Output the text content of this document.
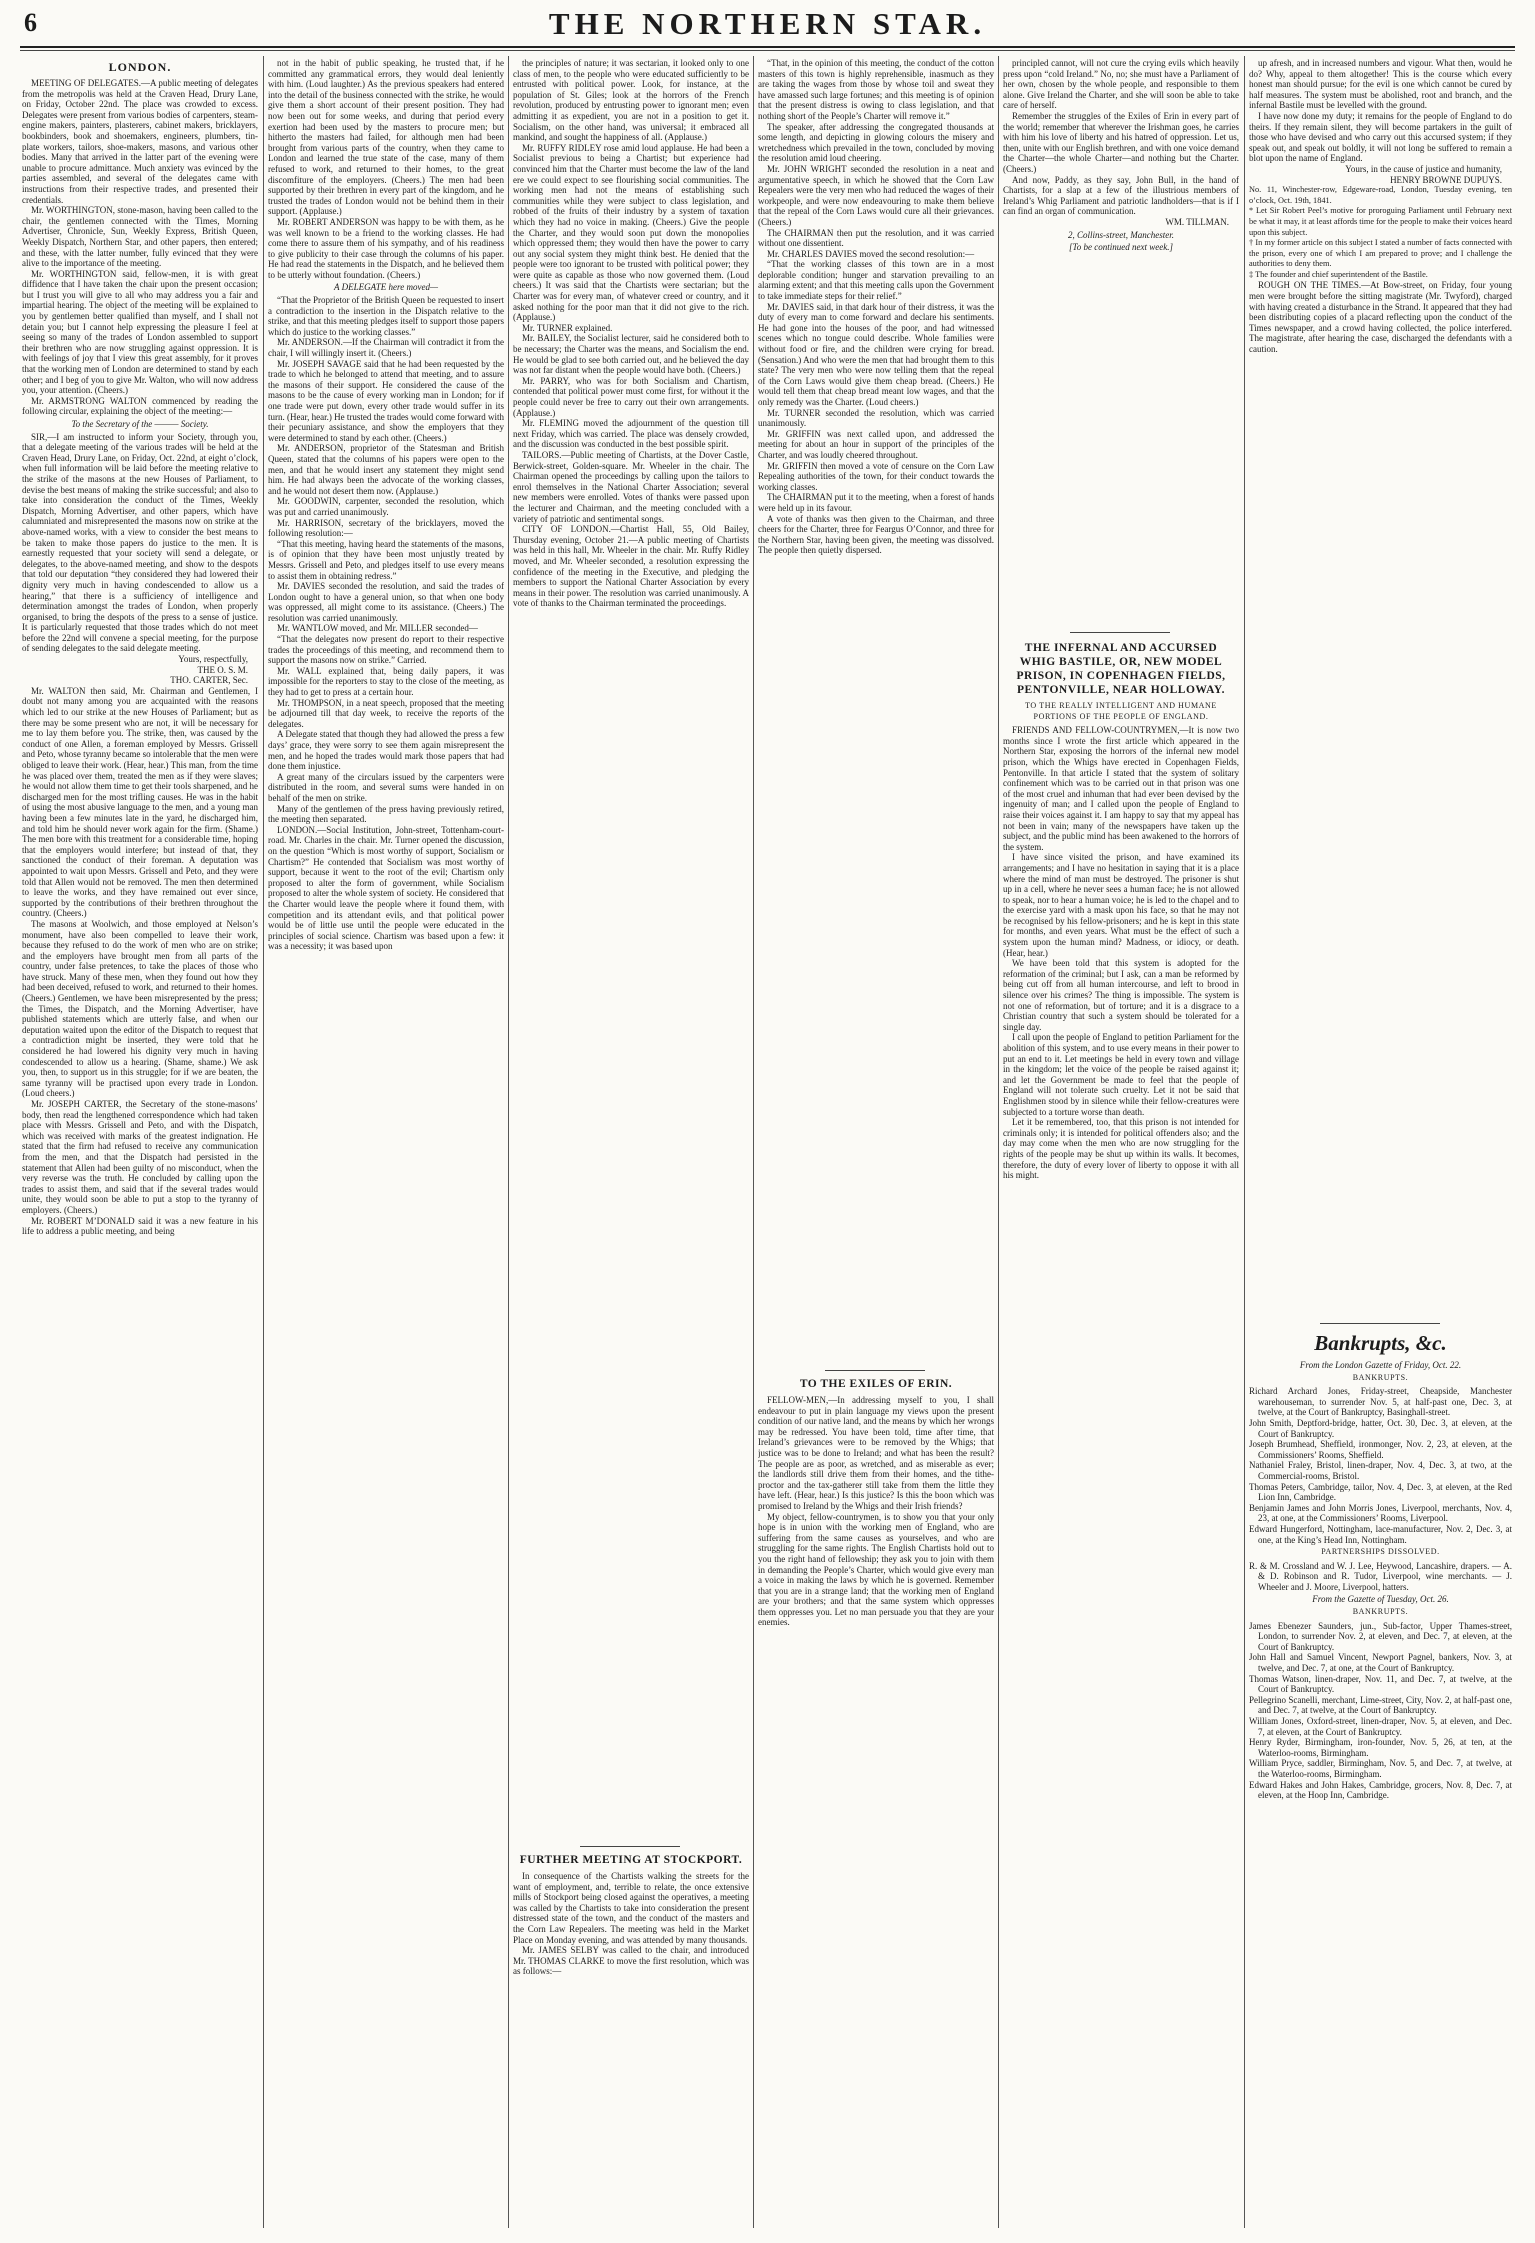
6	THE NORTHERN STAR.

LONDON.

MEETING OF DELEGATES.—A public meeting of delegates from the metropolis was held at the Craven Head, Drury Lane, on Friday, October 22nd. The place was crowded to excess. Delegates were present from various bodies of carpenters, steam-engine makers, painters, plasterers, cabinet makers, bricklayers, bookbinders, book and shoemakers, engineers, plumbers, tin-plate workers, tailors, shoe-makers, masons, and various other bodies. Many that arrived in the latter part of the evening were unable to procure admittance. Much anxiety was evinced by the parties assembled, and several of the delegates came with instructions from their respective trades, and presented their credentials.

Mr. WORTHINGTON, stone-mason, having been called to the chair, the gentlemen connected with the Times, Morning Advertiser, Chronicle, Sun, Weekly Express, British Queen, Weekly Dispatch, Northern Star, and other papers, then entered; and these, with the latter number, fully evinced that they were alive to the importance of the meeting.

Mr. WORTHINGTON said, fellow-men, it is with great diffidence that I have taken the chair upon the present occasion; but I trust you will give to all who may address you a fair and impartial hearing. The object of the meeting will be explained to you by gentlemen better qualified than myself, and I shall not detain you; but I cannot help expressing the pleasure I feel at seeing so many of the trades of London assembled to support their brethren who are now struggling against oppression. It is with feelings of joy that I view this great assembly, for it proves that the working men of London are determined to stand by each other; and I beg of you to give Mr. Walton, who will now address you, your attention. (Cheers.)

Mr. ARMSTRONG WALTON commenced by reading the following circular, explaining the object of the meeting:—

To the Secretary of the ——— Society.

SIR,—I am instructed to inform your Society, through you, that a delegate meeting of the various trades will be held at the Craven Head, Drury Lane, on Friday, Oct. 22nd, at eight o’clock, when full information will be laid before the meeting relative to the strike of the masons at the new Houses of Parliament, to devise the best means of making the strike successful; and also to take into consideration the conduct of the Times, Weekly Dispatch, Morning Advertiser, and other papers, which have calumniated and misrepresented the masons now on strike at the above-named works, with a view to consider the best means to be taken to make those papers do justice to the men. It is earnestly requested that your society will send a delegate, or delegates, to the above-named meeting, and show to the despots that told our deputation “they considered they had lowered their dignity very much in having condescended to allow us a hearing,” that there is a sufficiency of intelligence and determination amongst the trades of London, when properly organised, to bring the despots of the press to a sense of justice. It is particularly requested that those trades which do not meet before the 22nd will convene a special meeting, for the purpose of sending delegates to the said delegate meeting.

Yours, respectfully,

THE O. S. M.

THO. CARTER, Sec.

Mr. WALTON then said, Mr. Chairman and Gentlemen, I doubt not many among you are acquainted with the reasons which led to our strike at the new Houses of Parliament; but as there may be some present who are not, it will be necessary for me to lay them before you. The strike, then, was caused by the conduct of one Allen, a foreman employed by Messrs. Grissell and Peto, whose tyranny became so intolerable that the men were obliged to leave their work. (Hear, hear.) This man, from the time he was placed over them, treated the men as if they were slaves; he would not allow them time to get their tools sharpened, and he discharged men for the most trifling causes. He was in the habit of using the most abusive language to the men, and a young man having been a few minutes late in the yard, he discharged him, and told him he should never work again for the firm. (Shame.) The men bore with this treatment for a considerable time, hoping that the employers would interfere; but instead of that, they sanctioned the conduct of their foreman. A deputation was appointed to wait upon Messrs. Grissell and Peto, and they were told that Allen would not be removed. The men then determined to leave the works, and they have remained out ever since, supported by the contributions of their brethren throughout the country. (Cheers.)

The masons at Woolwich, and those employed at Nelson’s monument, have also been compelled to leave their work, because they refused to do the work of men who are on strike; and the employers have brought men from all parts of the country, under false pretences, to take the places of those who have struck. Many of these men, when they found out how they had been deceived, refused to work, and returned to their homes. (Cheers.) Gentlemen, we have been misrepresented by the press; the Times, the Dispatch, and the Morning Advertiser, have published statements which are utterly false, and when our deputation waited upon the editor of the Dispatch to request that a contradiction might be inserted, they were told that he considered he had lowered his dignity very much in having condescended to allow us a hearing. (Shame, shame.) We ask you, then, to support us in this struggle; for if we are beaten, the same tyranny will be practised upon every trade in London. (Loud cheers.)

Mr. JOSEPH CARTER, the Secretary of the stone-masons’ body, then read the lengthened correspondence which had taken place with Messrs. Grissell and Peto, and with the Dispatch, which was received with marks of the greatest indignation. He stated that the firm had refused to receive any communication from the men, and that the Dispatch had persisted in the statement that Allen had been guilty of no misconduct, when the very reverse was the truth. He concluded by calling upon the trades to assist them, and said that if the several trades would unite, they would soon be able to put a stop to the tyranny of employers. (Cheers.)

Mr. ROBERT M’DONALD said it was a new feature in his life to address a public meeting, and being

not in the habit of public speaking, he trusted that, if he committed any grammatical errors, they would deal leniently with him. (Loud laughter.) As the previous speakers had entered into the detail of the business connected with the strike, he would give them a short account of their present position. They had now been out for some weeks, and during that period every exertion had been used by the masters to procure men; but hitherto the masters had failed, for although men had been brought from various parts of the country, when they came to London and learned the true state of the case, many of them refused to work, and returned to their homes, to the great discomfiture of the employers. (Cheers.) The men had been supported by their brethren in every part of the kingdom, and he trusted the trades of London would not be behind them in their support. (Applause.)

Mr. ROBERT ANDERSON was happy to be with them, as he was well known to be a friend to the working classes. He had come there to assure them of his sympathy, and of his readiness to give publicity to their case through the columns of his paper. He had read the statements in the Dispatch, and he believed them to be utterly without foundation. (Cheers.)

A DELEGATE here moved—

“That the Proprietor of the British Queen be requested to insert a contradiction to the insertion in the Dispatch relative to the strike, and that this meeting pledges itself to support those papers which do justice to the working classes.”

Mr. ANDERSON.—If the Chairman will contradict it from the chair, I will willingly insert it. (Cheers.)

Mr. JOSEPH SAVAGE said that he had been requested by the trade to which he belonged to attend that meeting, and to assure the masons of their support. He considered the cause of the masons to be the cause of every working man in London; for if one trade were put down, every other trade would suffer in its turn. (Hear, hear.) He trusted the trades would come forward with their pecuniary assistance, and show the employers that they were determined to stand by each other. (Cheers.)

Mr. ANDERSON, proprietor of the Statesman and British Queen, stated that the columns of his papers were open to the men, and that he would insert any statement they might send him. He had always been the advocate of the working classes, and he would not desert them now. (Applause.)

Mr. GOODWIN, carpenter, seconded the resolution, which was put and carried unanimously.

Mr. HARRISON, secretary of the bricklayers, moved the following resolution:—

“That this meeting, having heard the statements of the masons, is of opinion that they have been most unjustly treated by Messrs. Grissell and Peto, and pledges itself to use every means to assist them in obtaining redress.”

Mr. DAVIES seconded the resolution, and said the trades of London ought to have a general union, so that when one body was oppressed, all might come to its assistance. (Cheers.) The resolution was carried unanimously.

Mr. WANTLOW moved, and Mr. MILLER seconded—

“That the delegates now present do report to their respective trades the proceedings of this meeting, and recommend them to support the masons now on strike.” Carried.

Mr. WALL explained that, being daily papers, it was impossible for the reporters to stay to the close of the meeting, as they had to get to press at a certain hour.

Mr. THOMPSON, in a neat speech, proposed that the meeting be adjourned till that day week, to receive the reports of the delegates.

A Delegate stated that though they had allowed the press a few days’ grace, they were sorry to see them again misrepresent the men, and he hoped the trades would mark those papers that had done them injustice.

A great many of the circulars issued by the carpenters were distributed in the room, and several sums were handed in on behalf of the men on strike.

Many of the gentlemen of the press having previously retired, the meeting then separated.

LONDON.—Social Institution, John-street, Tottenham-court-road. Mr. Charles in the chair. Mr. Turner opened the discussion, on the question “Which is most worthy of support, Socialism or Chartism?” He contended that Socialism was most worthy of support, because it went to the root of the evil; Chartism only proposed to alter the form of government, while Socialism proposed to alter the whole system of society. He considered that the Charter would leave the people where it found them, with competition and its attendant evils, and that political power would be of little use until the people were educated in the principles of social science. Chartism was based upon a few: it was a necessity; it was based upon

the principles of nature; it was sectarian, it looked only to one class of men, to the people who were educated sufficiently to be entrusted with political power. Look, for instance, at the population of St. Giles; look at the horrors of the French revolution, produced by entrusting power to ignorant men; even admitting it as expedient, you are not in a position to get it. Socialism, on the other hand, was universal; it embraced all mankind, and sought the happiness of all. (Applause.)

Mr. RUFFY RIDLEY rose amid loud applause. He had been a Socialist previous to being a Chartist; but experience had convinced him that the Charter must become the law of the land ere we could expect to see flourishing social communities. The working men had not the means of establishing such communities while they were subject to class legislation, and robbed of the fruits of their industry by a system of taxation which they had no voice in making. (Cheers.) Give the people the Charter, and they would soon put down the monopolies which oppressed them; they would then have the power to carry out any social system they might think best. He denied that the people were too ignorant to be trusted with political power; they were quite as capable as those who now governed them. (Loud cheers.) It was said that the Chartists were sectarian; but the Charter was for every man, of whatever creed or country, and it asked nothing for the poor man that it did not give to the rich. (Applause.)

Mr. TURNER explained.

Mr. BAILEY, the Socialist lecturer, said he considered both to be necessary; the Charter was the means, and Socialism the end. He would be glad to see both carried out, and he believed the day was not far distant when the people would have both. (Cheers.)

Mr. PARRY, who was for both Socialism and Chartism, contended that political power must come first, for without it the people could never be free to carry out their own arrangements. (Applause.)

Mr. FLEMING moved the adjournment of the question till next Friday, which was carried. The place was densely crowded, and the discussion was conducted in the best possible spirit.

TAILORS.—Public meeting of Chartists, at the Dover Castle, Berwick-street, Golden-square. Mr. Wheeler in the chair. The Chairman opened the proceedings by calling upon the tailors to enrol themselves in the National Charter Association; several new members were enrolled. Votes of thanks were passed upon the lecturer and Chairman, and the meeting concluded with a variety of patriotic and sentimental songs.

CITY OF LONDON.—Chartist Hall, 55, Old Bailey, Thursday evening, October 21.—A public meeting of Chartists was held in this hall, Mr. Wheeler in the chair. Mr. Ruffy Ridley moved, and Mr. Wheeler seconded, a resolution expressing the confidence of the meeting in the Executive, and pledging the members to support the National Charter Association by every means in their power. The resolution was carried unanimously. A vote of thanks to the Chairman terminated the proceedings.

FURTHER MEETING AT STOCKPORT.

In consequence of the Chartists walking the streets for the want of employment, and, terrible to relate, the once extensive mills of Stockport being closed against the operatives, a meeting was called by the Chartists to take into consideration the present distressed state of the town, and the conduct of the masters and the Corn Law Repealers. The meeting was held in the Market Place on Monday evening, and was attended by many thousands.

Mr. JAMES SELBY was called to the chair, and introduced Mr. THOMAS CLARKE to move the first resolution, which was as follows:—

“That, in the opinion of this meeting, the conduct of the cotton masters of this town is highly reprehensible, inasmuch as they are taking the wages from those by whose toil and sweat they have amassed such large fortunes; and this meeting is of opinion that the present distress is owing to class legislation, and that nothing short of the People’s Charter will remove it.”

The speaker, after addressing the congregated thousands at some length, and depicting in glowing colours the misery and wretchedness which prevailed in the town, concluded by moving the resolution amid loud cheering.

Mr. JOHN WRIGHT seconded the resolution in a neat and argumentative speech, in which he showed that the Corn Law Repealers were the very men who had reduced the wages of their workpeople, and were now endeavouring to make them believe that the repeal of the Corn Laws would cure all their grievances. (Cheers.)

The CHAIRMAN then put the resolution, and it was carried without one dissentient.

Mr. CHARLES DAVIES moved the second resolution:—

“That the working classes of this town are in a most deplorable condition; hunger and starvation prevailing to an alarming extent; and that this meeting calls upon the Government to take immediate steps for their relief.”

Mr. DAVIES said, in that dark hour of their distress, it was the duty of every man to come forward and declare his sentiments. He had gone into the houses of the poor, and had witnessed scenes which no tongue could describe. Whole families were without food or fire, and the children were crying for bread. (Sensation.) And who were the men that had brought them to this state? The very men who were now telling them that the repeal of the Corn Laws would give them cheap bread. (Cheers.) He would tell them that cheap bread meant low wages, and that the only remedy was the Charter. (Loud cheers.)

Mr. TURNER seconded the resolution, which was carried unanimously.

Mr. GRIFFIN was next called upon, and addressed the meeting for about an hour in support of the principles of the Charter, and was loudly cheered throughout.

Mr. GRIFFIN then moved a vote of censure on the Corn Law Repealing authorities of the town, for their conduct towards the working classes.

The CHAIRMAN put it to the meeting, when a forest of hands were held up in its favour.

A vote of thanks was then given to the Chairman, and three cheers for the Charter, three for Feargus O’Connor, and three for the Northern Star, having been given, the meeting was dissolved. The people then quietly dispersed.

TO THE EXILES OF ERIN.

FELLOW-MEN,—In addressing myself to you, I shall endeavour to put in plain language my views upon the present condition of our native land, and the means by which her wrongs may be redressed. You have been told, time after time, that Ireland’s grievances were to be removed by the Whigs; that justice was to be done to Ireland; and what has been the result? The people are as poor, as wretched, and as miserable as ever; the landlords still drive them from their homes, and the tithe-proctor and the tax-gatherer still take from them the little they have left. (Hear, hear.) Is this justice? Is this the boon which was promised to Ireland by the Whigs and their Irish friends?

My object, fellow-countrymen, is to show you that your only hope is in union with the working men of England, who are suffering from the same causes as yourselves, and who are struggling for the same rights. The English Chartists hold out to you the right hand of fellowship; they ask you to join with them in demanding the People’s Charter, which would give every man a voice in making the laws by which he is governed. Remember that you are in a strange land; that the working men of England are your brothers; and that the same system which oppresses them oppresses you. Let no man persuade you that they are your enemies.

principled cannot, will not cure the crying evils which heavily press upon “cold Ireland.” No, no; she must have a Parliament of her own, chosen by the whole people, and responsible to them alone. Give Ireland the Charter, and she will soon be able to take care of herself.

Remember the struggles of the Exiles of Erin in every part of the world; remember that wherever the Irishman goes, he carries with him his love of liberty and his hatred of oppression. Let us, then, unite with our English brethren, and with one voice demand the Charter—the whole Charter—and nothing but the Charter. (Cheers.)

And now, Paddy, as they say, John Bull, in the hand of Chartists, for a slap at a few of the illustrious members of Ireland’s Whig Parliament and patriotic landholders—that is if I can find an organ of communication.

WM. TILLMAN.

2, Collins-street, Manchester.

[To be continued next week.]

THE INFERNAL AND ACCURSED WHIG BASTILE, OR, NEW MODEL PRISON, IN COPENHAGEN FIELDS, PENTONVILLE, NEAR HOLLOWAY.

TO THE REALLY INTELLIGENT AND HUMANE PORTIONS OF THE PEOPLE OF ENGLAND.

FRIENDS AND FELLOW-COUNTRYMEN,—It is now two months since I wrote the first article which appeared in the Northern Star, exposing the horrors of the infernal new model prison, which the Whigs have erected in Copenhagen Fields, Pentonville. In that article I stated that the system of solitary confinement which was to be carried out in that prison was one of the most cruel and inhuman that had ever been devised by the ingenuity of man; and I called upon the people of England to raise their voices against it. I am happy to say that my appeal has not been in vain; many of the newspapers have taken up the subject, and the public mind has been awakened to the horrors of the system.

I have since visited the prison, and have examined its arrangements; and I have no hesitation in saying that it is a place where the mind of man must be destroyed. The prisoner is shut up in a cell, where he never sees a human face; he is not allowed to speak, nor to hear a human voice; he is led to the chapel and to the exercise yard with a mask upon his face, so that he may not be recognised by his fellow-prisoners; and he is kept in this state for months, and even years. What must be the effect of such a system upon the human mind? Madness, or idiocy, or death. (Hear, hear.)

We have been told that this system is adopted for the reformation of the criminal; but I ask, can a man be reformed by being cut off from all human intercourse, and left to brood in silence over his crimes? The thing is impossible. The system is not one of reformation, but of torture; and it is a disgrace to a Christian country that such a system should be tolerated for a single day.

I call upon the people of England to petition Parliament for the abolition of this system, and to use every means in their power to put an end to it. Let meetings be held in every town and village in the kingdom; let the voice of the people be raised against it; and let the Government be made to feel that the people of England will not tolerate such cruelty. Let it not be said that Englishmen stood by in silence while their fellow-creatures were subjected to a torture worse than death.

Let it be remembered, too, that this prison is not intended for criminals only; it is intended for political offenders also; and the day may come when the men who are now struggling for the rights of the people may be shut up within its walls. It becomes, therefore, the duty of every lover of liberty to oppose it with all his might.

up afresh, and in increased numbers and vigour. What then, would he do? Why, appeal to them altogether! This is the course which every honest man should pursue; for the evil is one which cannot be cured by half measures. The system must be abolished, root and branch, and the infernal Bastile must be levelled with the ground.

I have now done my duty; it remains for the people of England to do theirs. If they remain silent, they will become partakers in the guilt of those who have devised and who carry out this accursed system; if they speak out, and speak out boldly, it will not long be suffered to remain a blot upon the name of England.

Yours, in the cause of justice and humanity,

HENRY BROWNE DUPUYS.

No. 11, Winchester-row, Edgeware-road, London, Tuesday evening, ten o’clock, Oct. 19th, 1841.

* Let Sir Robert Peel’s motive for proroguing Parliament until February next be what it may, it at least affords time for the people to make their voices heard upon this subject.

† In my former article on this subject I stated a number of facts connected with the prison, every one of which I am prepared to prove; and I challenge the authorities to deny them.

‡ The founder and chief superintendent of the Bastile.

ROUGH ON THE TIMES.—At Bow-street, on Friday, four young men were brought before the sitting magistrate (Mr. Twyford), charged with having created a disturbance in the Strand. It appeared that they had been distributing copies of a placard reflecting upon the conduct of the Times newspaper, and a crowd having collected, the police interfered. The magistrate, after hearing the case, discharged the defendants with a caution.

Bankrupts, &c.

From the London Gazette of Friday, Oct. 22.

BANKRUPTS.

Richard Archard Jones, Friday-street, Cheapside, Manchester warehouseman, to surrender Nov. 5, at half-past one, Dec. 3, at twelve, at the Court of Bankruptcy, Basinghall-street.

John Smith, Deptford-bridge, hatter, Oct. 30, Dec. 3, at eleven, at the Court of Bankruptcy.

Joseph Brumhead, Sheffield, ironmonger, Nov. 2, 23, at eleven, at the Commissioners’ Rooms, Sheffield.

Nathaniel Fraley, Bristol, linen-draper, Nov. 4, Dec. 3, at two, at the Commercial-rooms, Bristol.

Thomas Peters, Cambridge, tailor, Nov. 4, Dec. 3, at eleven, at the Red Lion Inn, Cambridge.

Benjamin James and John Morris Jones, Liverpool, merchants, Nov. 4, 23, at one, at the Commissioners’ Rooms, Liverpool.

Edward Hungerford, Nottingham, lace-manufacturer, Nov. 2, Dec. 3, at one, at the King’s Head Inn, Nottingham.

PARTNERSHIPS DISSOLVED.

R. & M. Crossland and W. J. Lee, Heywood, Lancashire, drapers. — A. & D. Robinson and R. Tudor, Liverpool, wine merchants. — J. Wheeler and J. Moore, Liverpool, hatters.

From the Gazette of Tuesday, Oct. 26.

BANKRUPTS.

James Ebenezer Saunders, jun., Sub-factor, Upper Thames-street, London, to surrender Nov. 2, at eleven, and Dec. 7, at eleven, at the Court of Bankruptcy.

John Hall and Samuel Vincent, Newport Pagnel, bankers, Nov. 3, at twelve, and Dec. 7, at one, at the Court of Bankruptcy.

Thomas Watson, linen-draper, Nov. 11, and Dec. 7, at twelve, at the Court of Bankruptcy.

Pellegrino Scanelli, merchant, Lime-street, City, Nov. 2, at half-past one, and Dec. 7, at twelve, at the Court of Bankruptcy.

William Jones, Oxford-street, linen-draper, Nov. 5, at eleven, and Dec. 7, at eleven, at the Court of Bankruptcy.

Henry Ryder, Birmingham, iron-founder, Nov. 5, 26, at ten, at the Waterloo-rooms, Birmingham.

William Pryce, saddler, Birmingham, Nov. 5, and Dec. 7, at twelve, at the Waterloo-rooms, Birmingham.

Edward Hakes and John Hakes, Cambridge, grocers, Nov. 8, Dec. 7, at eleven, at the Hoop Inn, Cambridge.
